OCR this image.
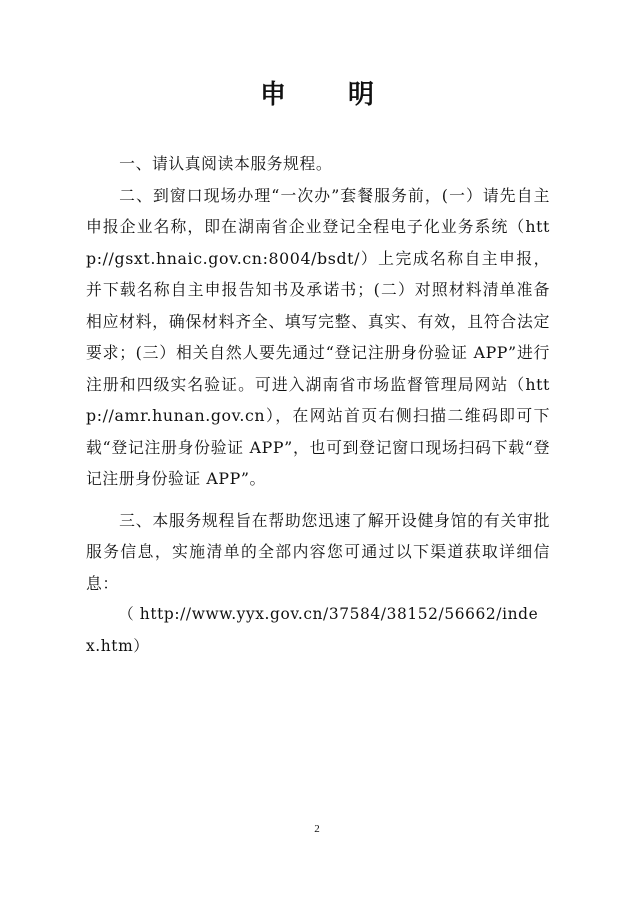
申　明

一、请认真阅读本服务规程。

二、到窗口现场办理“一次办”套餐服务前，(一）请先自主申报企业名称，即在湖南省企业登记全程电子化业务系统（http://gsxt.hnaic.gov.cn:8004/bsdt/）上完成名称自主申报，并下载名称自主申报告知书及承诺书；(二）对照材料清单准备相应材料，确保材料齐全、填写完整、真实、有效，且符合法定要求；(三）相关自然人要先通过“登记注册身份验证 APP”进行注册和四级实名验证。可进入湖南省市场监督管理局网站（http://amr.hunan.gov.cn），在网站首页右侧扫描二维码即可下载“登记注册身份验证 APP”，也可到登记窗口现场扫码下载“登记注册身份验证 APP”。

三、本服务规程旨在帮助您迅速了解开设健身馆的有关审批服务信息，实施清单的全部内容您可通过以下渠道获取详细信息：

（ http://www.yyx.gov.cn/37584/38152/56662/index.htm）

2
